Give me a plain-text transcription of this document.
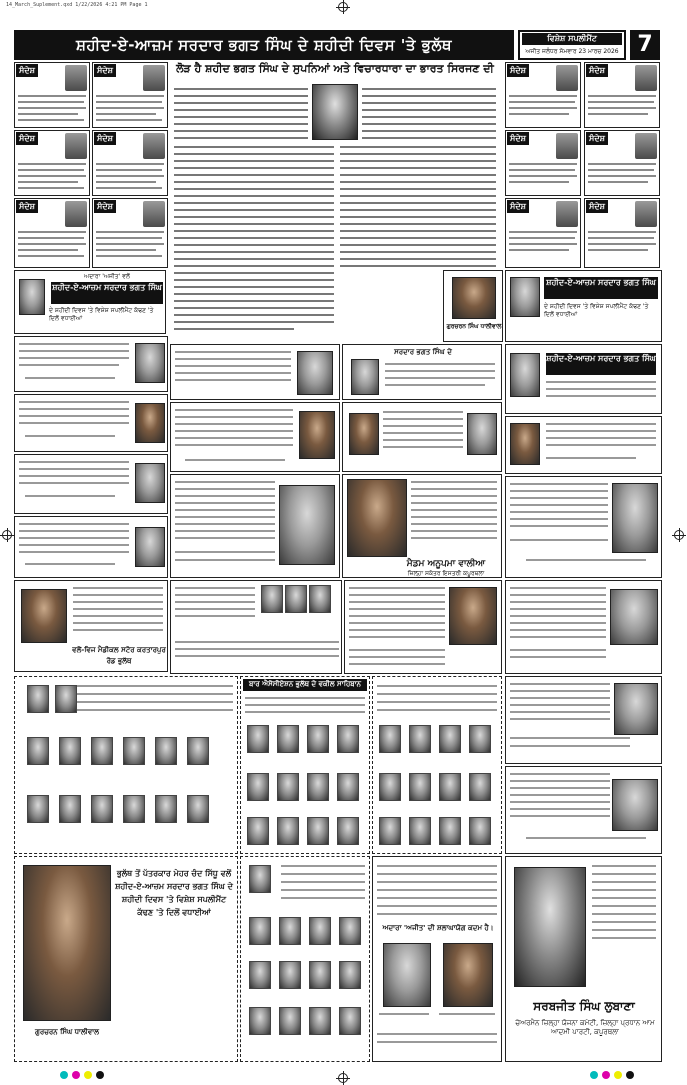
14_March_Suplement.qxd 1/22/2026 4:21 PM Page 1
ਸ਼ਹੀਦ-ਏ-ਆਜ਼ਮ ਸਰਦਾਰ ਭਗਤ ਸਿੰਘ ਦੇ ਸ਼ਹੀਦੀ ਦਿਵਸ 'ਤੇ ਭੁਲੱਥ	ਵਿਸ਼ੇਸ਼ ਸਪਲੀਮੈਂਟ
ਅਜੀਤ ਜਲੰਧਰ ਸੋਮਵਾਰ 23 ਮਾਰਚ 2026 7
ਸੰਦੇਸ਼	ਸੰਦੇਸ਼
ਸੰਦੇਸ਼	ਸੰਦੇਸ਼
ਸੰਦੇਸ਼	ਸੰਦੇਸ਼
ਸੰਦੇਸ਼	ਸੰਦੇਸ਼
ਸੰਦੇਸ਼	ਸੰਦੇਸ਼
ਸੰਦੇਸ਼	ਸੰਦੇਸ਼
ਲੋੜ ਹੈ ਸ਼ਹੀਦ ਭਗਤ ਸਿੰਘ ਦੇ ਸੁਪਨਿਆਂ ਅਤੇ ਵਿਚਾਰਧਾਰਾ ਦਾ ਭਾਰਤ ਸਿਰਜਣ ਦੀ
ਗੁਰਚਰਨ ਸਿੰਘ ਧਾਲੀਵਾਲ
ਸ਼ਹੀਦ-ਏ-ਆਜ਼ਮ ਸਰਦਾਰ ਭਗਤ ਸਿੰਘ
ਦੇ ਸ਼ਹੀਦੀ ਦਿਵਸ 'ਤੇ ਵਿਸ਼ੇਸ਼ ਸਪਲੀਮੈਂਟ ਕੱਢਣ 'ਤੇ ਦਿਲੋਂ ਵਧਾਈਆਂ
ਅਦਾਰਾ 'ਅਜੀਤ' ਵਲੋਂ
ਸ਼ਹੀਦ-ਏ-ਆਜ਼ਮ ਸਰਦਾਰ ਭਗਤ ਸਿੰਘ
ਦੇ ਸ਼ਹੀਦੀ ਦਿਵਸ 'ਤੇ ਵਿਸ਼ੇਸ਼ ਸਪਲੀਮੈਂਟ ਕੱਢਣ 'ਤੇ ਦਿਲੋਂ ਵਧਾਈਆਂ
ਸਰਦਾਰ ਭਗਤ ਸਿੰਘ ਦੇ
ਸ਼ਹੀਦ-ਏ-ਆਜ਼ਮ ਸਰਦਾਰ ਭਗਤ ਸਿੰਘ
ਮੈਡਮ ਅਨੂਪਮਾ ਵਾਲੀਆ
ਜ਼ਿਲ੍ਹਾ ਸਕੱਤਰ ਇਸਤਰੀ ਕਪੂਰਥਲਾ
ਵਲੋਂ-ਵਿਜ ਮੈਡੀਕਲ ਸਟੋਰ ਕਰਤਾਰਪੁਰ ਰੋਡ ਭੁਲੱਥ
ਬਾਰ ਐਸੋਸੀਏਸ਼ਨ ਭੁਲੱਥ ਦੇ ਵਕੀਲ ਸਾਹਿਬਾਨ
ਭੁਲੱਥ ਤੋਂ ਪੱਤਰਕਾਰ ਮੇਹਰ ਚੰਦ ਸਿੱਧੂ ਵਲੋਂ ਸ਼ਹੀਦ-ਏ-ਆਜ਼ਮ ਸਰਦਾਰ ਭਗਤ ਸਿੰਘ ਦੇ ਸ਼ਹੀਦੀ ਦਿਵਸ 'ਤੇ ਵਿਸ਼ੇਸ਼ ਸਪਲੀਮੈਂਟ ਕੱਢਣ 'ਤੇ ਦਿਲੋਂ ਵਧਾਈਆਂ
ਗੁਰਚਰਨ ਸਿੰਘ ਧਾਲੀਵਾਲ
ਅਦਾਰਾ 'ਅਜੀਤ' ਦੀ ਸ਼ਲਾਘਾਯੋਗ ਕਦਮ ਹੈ।
ਸਰਬਜੀਤ ਸਿੰਘ ਲੁਬਾਣਾ
ਚੇਅਰਮੈਨ ਜ਼ਿਲ੍ਹਾ ਯੋਜਨਾ ਕਮੇਟੀ, ਜ਼ਿਲ੍ਹਾ ਪ੍ਰਧਾਨ ਆਮ ਆਦਮੀ ਪਾਰਟੀ, ਕਪੂਰਥਲਾ
